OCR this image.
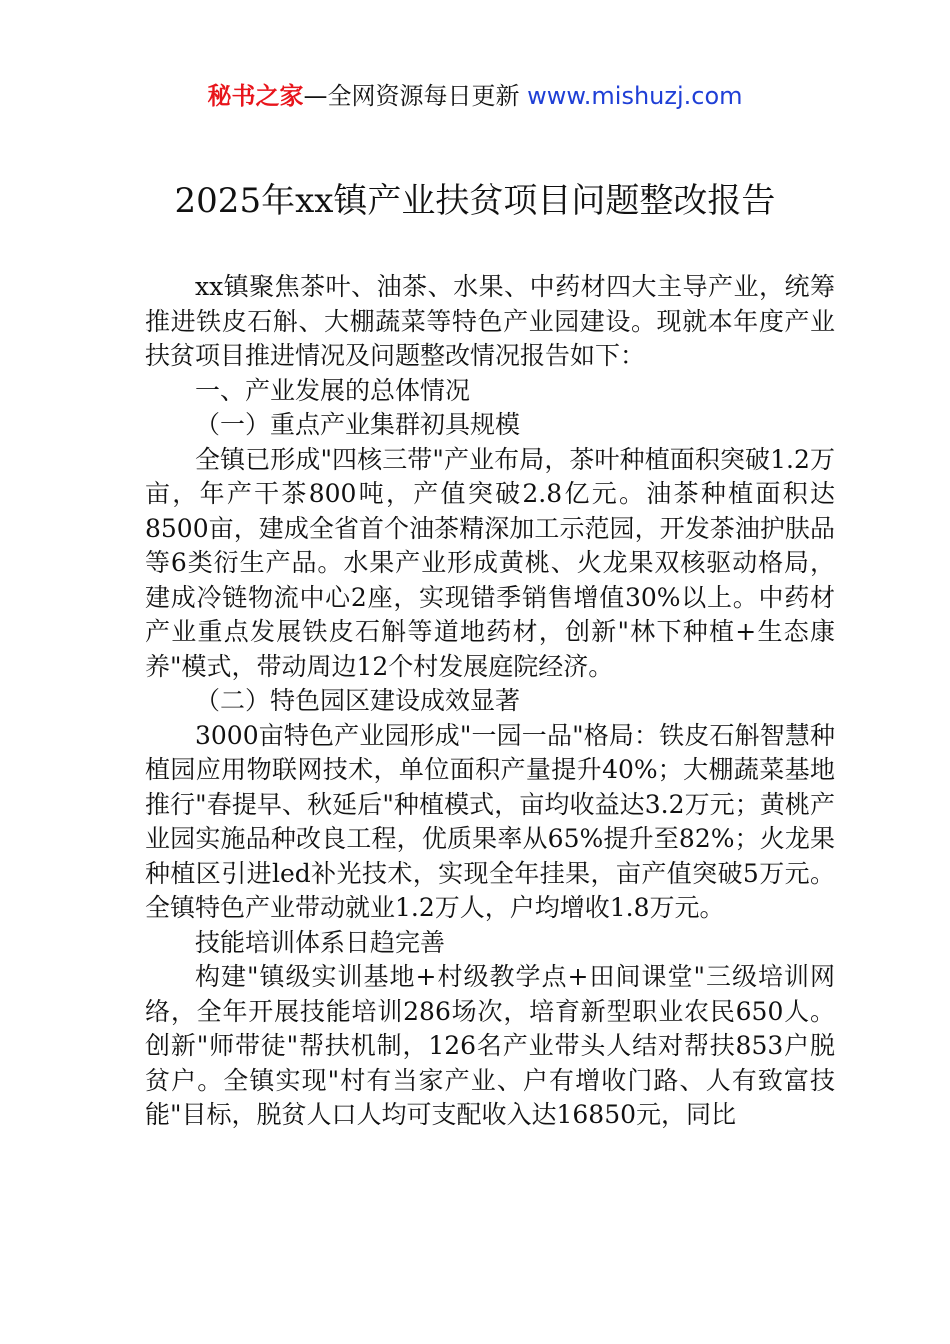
秘书之家—全网资源每日更新 www.mishuzj.com
2025年xx镇产业扶贫项目问题整改报告

xx镇聚焦茶叶、油茶、水果、中药材四大主导产业，统筹推进铁皮石斛、大棚蔬菜等特色产业园建设。现就本年度产业扶贫项目推进情况及问题整改情况报告如下：

一、产业发展的总体情况

（一）重点产业集群初具规模

全镇已形成"四核三带"产业布局，茶叶种植面积突破1.2万亩，年产干茶800吨，产值突破2.8亿元。油茶种植面积达8500亩，建成全省首个油茶精深加工示范园，开发茶油护肤品等6类衍生产品。水果产业形成黄桃、火龙果双核驱动格局，建成冷链物流中心2座，实现错季销售增值30%以上。中药材产业重点发展铁皮石斛等道地药材，创新"林下种植+生态康养"模式，带动周边12个村发展庭院经济。

（二）特色园区建设成效显著

3000亩特色产业园形成"一园一品"格局：铁皮石斛智慧种植园应用物联网技术，单位面积产量提升40%；大棚蔬菜基地推行"春提早、秋延后"种植模式，亩均收益达3.2万元；黄桃产业园实施品种改良工程，优质果率从65%提升至82%；火龙果种植区引进led补光技术，实现全年挂果，亩产值突破5万元。全镇特色产业带动就业1.2万人，户均增收1.8万元。

技能培训体系日趋完善

构建"镇级实训基地+村级教学点+田间课堂"三级培训网络，全年开展技能培训286场次，培育新型职业农民650人。创新"师带徒"帮扶机制，126名产业带头人结对帮扶853户脱贫户。全镇实现"村有当家产业、户有增收门路、人有致富技能"目标，脱贫人口人均可支配收入达16850元，同比
